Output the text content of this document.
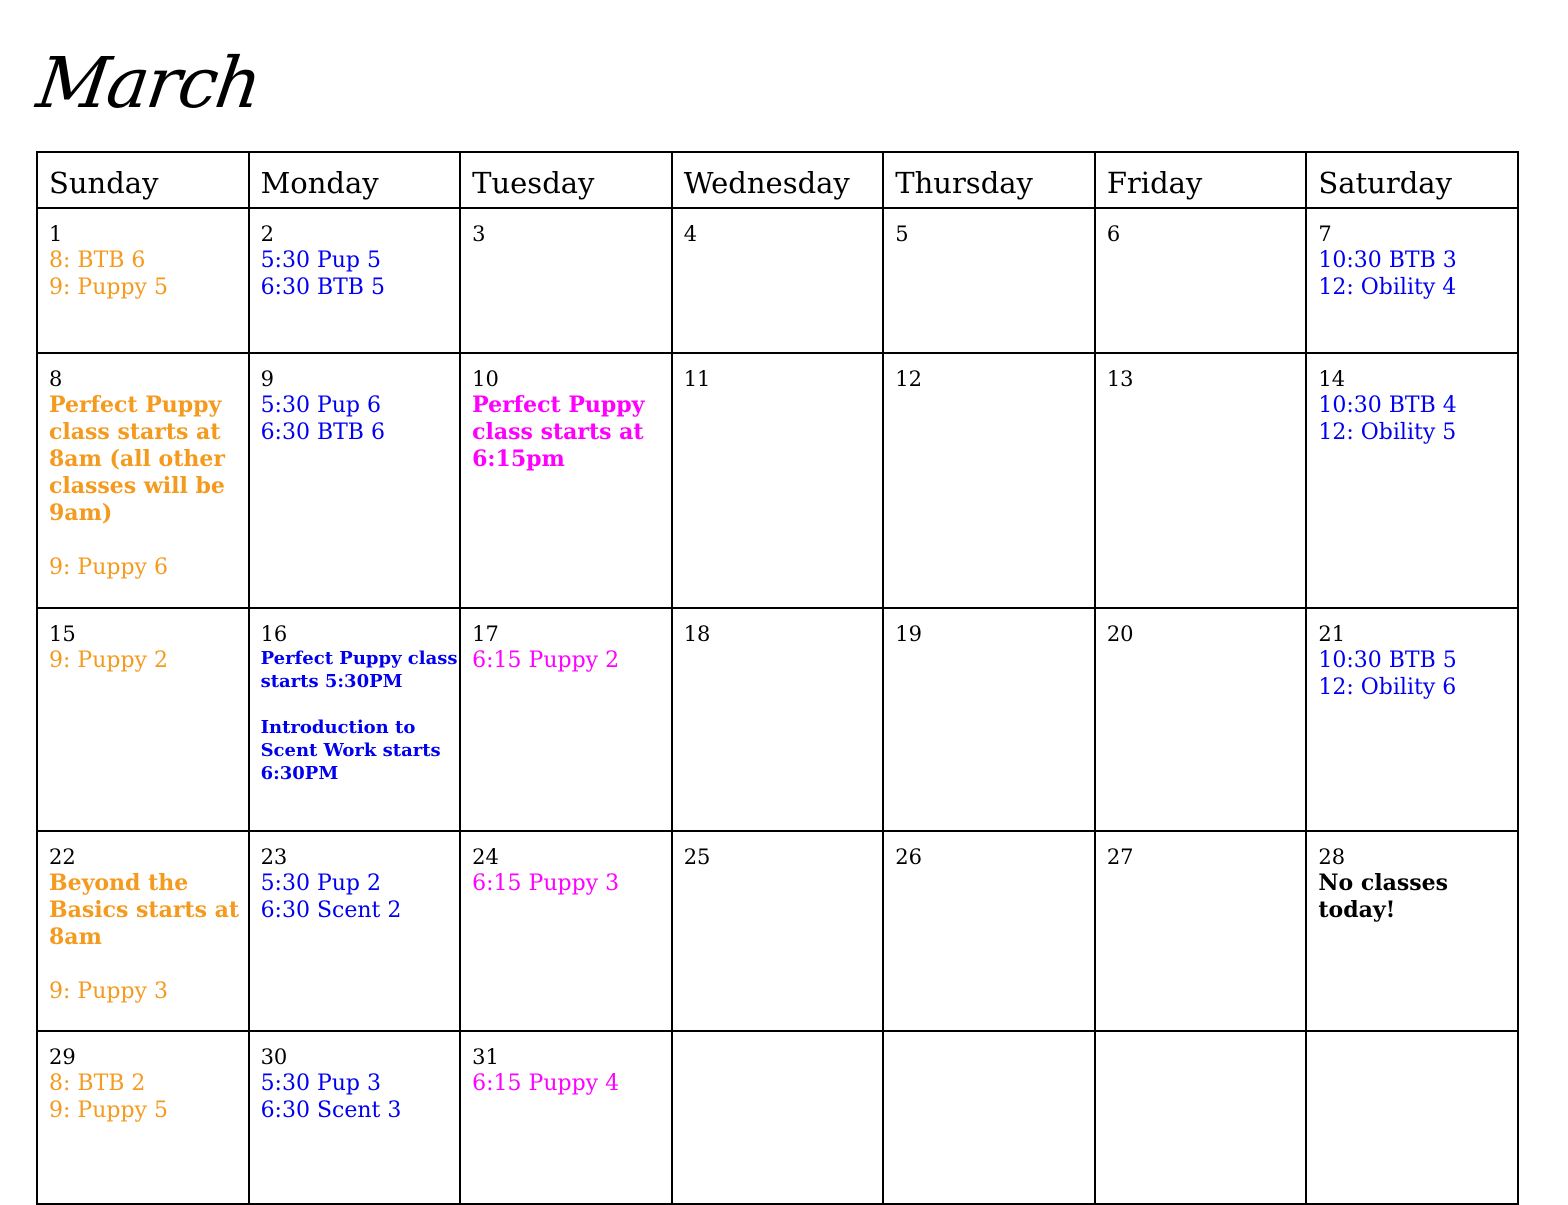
March
Sunday	Monday	Tuesday	Wednesday	Thursday	Friday	Saturday

1
8: BTB 6
9: Puppy 5	2
5:30 Pup 5
6:30 BTB 5	3	4	5	6	7
10:30 BTB 3
12: Obility 4

8
Perfect Puppy class starts at 8am (all other classes will be 9am)
9: Puppy 6	9
5:30 Pup 6
6:30 BTB 6	10
Perfect Puppy class starts at 6:15pm	11	12	13	14
10:30 BTB 4
12: Obility 5

15
9: Puppy 2	16
Perfect Puppy class starts 5:30PM
Introduction to Scent Work starts 6:30PM	17
6:15 Puppy 2	18	19	20	21
10:30 BTB 5
12: Obility 6

22
Beyond the Basics starts at 8am
9: Puppy 3	23
5:30 Pup 2
6:30 Scent 2	24
6:15 Puppy 3	25	26	27	28
No classes today!

29
8: BTB 2
9: Puppy 5	30
5:30 Pup 3
6:30 Scent 3	31
6:15 Puppy 4				
